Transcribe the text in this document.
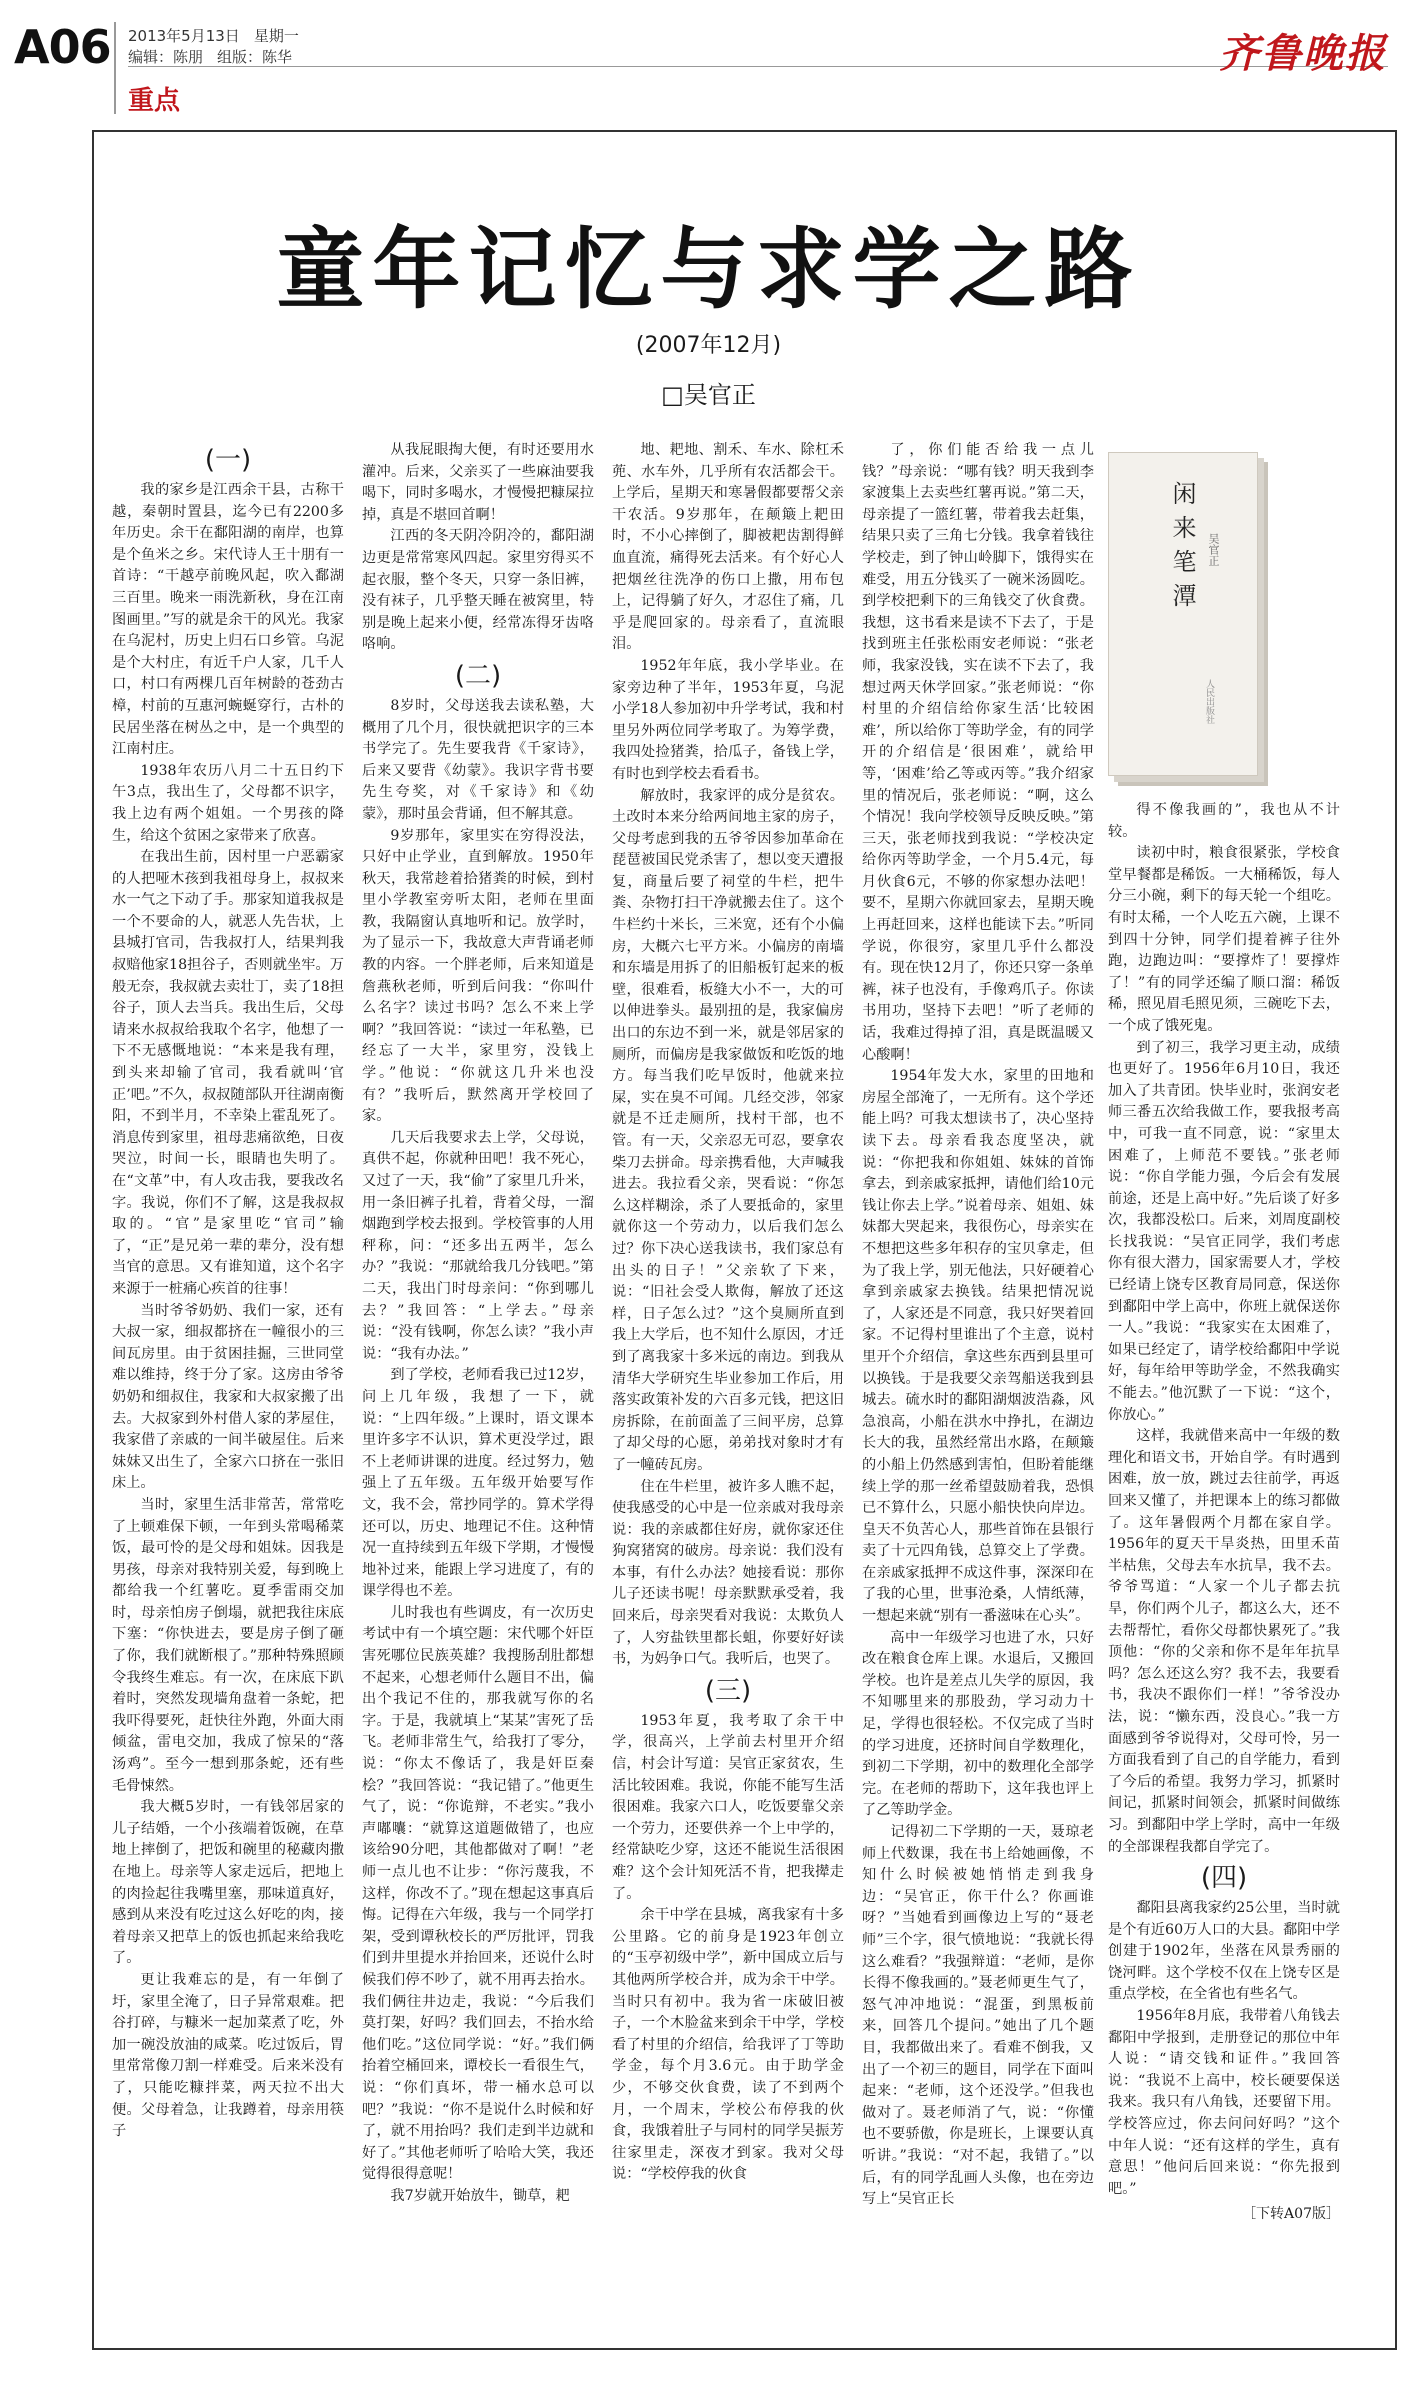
A06 2013年5月13日 星期一
编辑：陈朋 组版：陈华
重点
齐鲁晚报
童年记忆与求学之路
(2007年12月)
□吴官正

(一)

我的家乡是江西余干县，古称干越，秦朝时置县，迄今已有2200多年历史。余干在鄱阳湖的南岸，也算是个鱼米之乡。宋代诗人王十朋有一首诗：“干越亭前晚风起，吹入鄱湖三百里。晚来一雨洗新秋，身在江南图画里。”写的就是余干的风光。我家在乌泥村，历史上归石口乡管。乌泥是个大村庄，有近千户人家，几千人口，村口有两棵几百年树龄的苍劲古樟，村前的互惠河蜿蜒穿行，古朴的民居坐落在树丛之中，是一个典型的江南村庄。

1938年农历八月二十五日约下午3点，我出生了，父母都不识字，我上边有两个姐姐。一个男孩的降生，给这个贫困之家带来了欣喜。

在我出生前，因村里一户恶霸家的人把哑木孩到我祖母身上，叔叔来水一气之下动了手。那家知道我叔是一个不要命的人，就恶人先告状，上县城打官司，告我叔打人，结果判我叔赔他家18担谷子，否则就坐牢。万般无奈，我叔就去卖壮丁，卖了18担谷子，顶人去当兵。我出生后，父母请来水叔叔给我取个名字，他想了一下不无感慨地说：“本来是我有理，到头来却输了官司，我看就叫‘官正’吧。”不久，叔叔随部队开往湖南衡阳，不到半月，不幸染上霍乱死了。消息传到家里，祖母悲痛欲绝，日夜哭泣，时间一长，眼睛也失明了。在“文革”中，有人攻击我，要我改名字。我说，你们不了解，这是我叔叔取的。“官”是家里吃“官司”输了，“正”是兄弟一辈的辈分，没有想当官的意思。又有谁知道，这个名字来源于一桩痛心疾首的往事！

当时爷爷奶奶、我们一家，还有大叔一家，细叔都挤在一幢很小的三间瓦房里。由于贫困挂掘，三世同堂难以维持，终于分了家。这房由爷爷奶奶和细叔住，我家和大叔家搬了出去。大叔家到外村借人家的茅屋住，我家借了亲戚的一间半破屋住。后来妹妹又出生了，全家六口挤在一张旧床上。

当时，家里生活非常苦，常常吃了上顿难保下顿，一年到头常喝稀菜饭，最可怜的是父母和姐妹。因我是男孩，母亲对我特别关爱，每到晚上都给我一个红薯吃。夏季雷雨交加时，母亲怕房子倒塌，就把我往床底下塞：“你快进去，要是房子倒了砸了你，我们就断根了。”那种特殊照顾令我终生难忘。有一次，在床底下趴着时，突然发现墙角盘着一条蛇，把我吓得要死，赶快往外跑，外面大雨倾盆，雷电交加，我成了惊呆的“落汤鸡”。至今一想到那条蛇，还有些毛骨悚然。

我大概5岁时，一有钱邻居家的儿子结婚，一个小孩端着饭碗，在草地上摔倒了，把饭和碗里的秘藏肉撒在地上。母亲等人家走远后，把地上的肉捡起往我嘴里塞，那味道真好，感到从来没有吃过这么好吃的肉，接着母亲又把草上的饭也抓起来给我吃了。

更让我难忘的是，有一年倒了圩，家里全淹了，日子异常艰难。把谷打碎，与糠米一起加菜煮了吃，外加一碗没放油的咸菜。吃过饭后，胃里常常像刀割一样难受。后来米没有了，只能吃糠拌菜，两天拉不出大便。父母着急，让我蹲着，母亲用筷子

从我屁眼掏大便，有时还要用水灌冲。后来，父亲买了一些麻油要我喝下，同时多喝水，才慢慢把糠屎拉掉，真是不堪回首啊！

江西的冬天阴冷阴冷的，鄱阳湖边更是常常寒风四起。家里穷得买不起衣服，整个冬天，只穿一条旧裤，没有袜子，几乎整天睡在被窝里，特别是晚上起来小便，经常冻得牙齿咯咯响。

(二)

8岁时，父母送我去读私塾，大概用了几个月，很快就把识字的三本书学完了。先生要我背《千家诗》，后来又要背《幼蒙》。我识字背书要先生夸奖，对《千家诗》和《幼蒙》，那时虽会背诵，但不解其意。

9岁那年，家里实在穷得没法，只好中止学业，直到解放。1950年秋天，我常趁着拾猪粪的时候，到村里小学教室旁听太阳，老师在里面教，我隔窗认真地听和记。放学时，为了显示一下，我故意大声背诵老师教的内容。一个胖老师，后来知道是詹燕秋老师，听到后问我：“你叫什么名字？读过书吗？怎么不来上学啊？”我回答说：“读过一年私塾，已经忘了一大半，家里穷，没钱上学。”他说：“你就这几升米也没有？”我听后，默然离开学校回了家。

几天后我要求去上学，父母说，真供不起，你就种田吧！我不死心，又过了一天，我“偷”了家里几升米，用一条旧裤子扎着，背着父母，一溜烟跑到学校去报到。学校管事的人用秤称，问：“还多出五两半，怎么办？”我说：“那就给我几分钱吧。”第二天，我出门时母亲问：“你到哪儿去？”我回答：“上学去。”母亲说：“没有钱啊，你怎么读？”我小声说：“我有办法。”

到了学校，老师看我已过12岁，问上几年级，我想了一下，就说：“上四年级。”上课时，语文课本里许多字不认识，算术更没学过，跟不上老师讲课的进度。经过努力，勉强上了五年级。五年级开始要写作文，我不会，常抄同学的。算术学得还可以，历史、地理记不住。这种情况一直持续到五年级下学期，才慢慢地补过来，能跟上学习进度了，有的课学得也不差。

儿时我也有些调皮，有一次历史考试中有一个填空题：宋代哪个奸臣害死哪位民族英雄？我搜肠刮肚都想不起来，心想老师什么题目不出，偏出个我记不住的，那我就写你的名字。于是，我就填上“某某”害死了岳飞。老师非常生气，给我打了零分，说：“你太不像话了，我是奸臣秦桧？”我回答说：“我记错了。”他更生气了，说：“你诡辩，不老实。”我小声嘟囔：“就算这道题做错了，也应该给90分吧，其他都做对了啊！”老师一点儿也不让步：“你污蔑我，不这样，你改不了。”现在想起这事真后悔。记得在六年级，我与一个同学打架，受到谭秋校长的严厉批评，罚我们到井里提水并抬回来，还说什么时候我们停不吵了，就不用再去抬水。我们俩往井边走，我说：“今后我们莫打架，好吗？我们回去，不抬水给他们吃。”这位同学说：“好。”我们俩抬着空桶回来，谭校长一看很生气，说：“你们真坏，带一桶水总可以吧？”我说：“你不是说什么时候和好了，就不用抬吗？我们走到半边就和好了。”其他老师听了哈哈大笑，我还觉得很得意呢！

我7岁就开始放牛，锄草，耙

地、耙地、割禾、车水、除杠禾蔸、水车外，几乎所有农活都会干。上学后，星期天和寒暑假都要帮父亲干农活。9岁那年，在颠簸上耙田时，不小心摔倒了，脚被耙齿割得鲜血直流，痛得死去活来。有个好心人把烟丝往洗净的伤口上撒，用布包上，记得躺了好久，才忍住了痛，几乎是爬回家的。母亲看了，直流眼泪。

1952年年底，我小学毕业。在家旁边种了半年，1953年夏，乌泥小学18人参加初中升学考试，我和村里另外两位同学考取了。为筹学费，我四处捡猪粪，拾瓜子，备钱上学，有时也到学校去看看书。

解放时，我家评的成分是贫农。土改时本来分给两间地主家的房子，父母考虑到我的五爷爷因参加革命在琵琶被国民党杀害了，想以变天遭报复，商量后要了祠堂的牛栏，把牛粪、杂物打扫干净就搬去住了。这个牛栏约十米长，三米宽，还有个小偏房，大概六七平方米。小偏房的南墙和东墙是用拆了的旧船板钉起来的板壁，很难看，板缝大小不一，大的可以伸进拳头。最别扭的是，我家偏房出口的东边不到一米，就是邻居家的厕所，而偏房是我家做饭和吃饭的地方。每当我们吃早饭时，他就来拉屎，实在臭不可闻。几经交涉，邻家就是不迁走厕所，找村干部，也不管。有一天，父亲忍无可忍，要拿农柴刀去拼命。母亲携看他，大声喊我进去。我拉看父亲，哭看说：“你怎么这样糊涂，杀了人要抵命的，家里就你这一个劳动力，以后我们怎么过？你下决心送我读书，我们家总有出头的日子！”父亲软了下来，说：“旧社会受人欺侮，解放了还这样，日子怎么过？”这个臭厕所直到我上大学后，也不知什么原因，才迁到了离我家十多米远的南边。到我从清华大学研究生毕业参加工作后，用落实政策补发的六百多元钱，把这旧房拆除，在前面盖了三间平房，总算了却父母的心愿，弟弟找对象时才有了一幢砖瓦房。

住在牛栏里，被许多人瞧不起，使我感受的心中是一位亲戚对我母亲说：我的亲戚都住好房，就你家还住狗窝猪窝的破房。母亲说：我们没有本事，有什么办法？她接看说：那你儿子还读书呢！母亲默默承受着，我回来后，母亲哭看对我说：太欺负人了，人穷盐铁里都长蛆，你要好好读书，为妈争口气。我听后，也哭了。

(三)

1953年夏，我考取了余干中学，很高兴，上学前去村里开介绍信，村会计写道：吴官正家贫农，生活比较困难。我说，你能不能写生活很困难。我家六口人，吃饭要靠父亲一个劳力，还要供养一个上中学的，经常缺吃少穿，这还不能说生活很困难？这个会计知死活不肯，把我撵走了。

余干中学在县城，离我家有十多公里路。它的前身是1923年创立的“玉亭初级中学”，新中国成立后与其他两所学校合并，成为余干中学。当时只有初中。我为省一床破旧被子，一个木脸盆来到余干中学，学校看了村里的介绍信，给我评了丁等助学金，每个月3.6元。由于助学金少，不够交伙食费，读了不到两个月，一个周末，学校公布停我的伙食，我饿着肚子与同村的同学吴振芳往家里走，深夜才到家。我对父母说：“学校停我的伙食

了，你们能否给我一点儿钱？”母亲说：“哪有钱？明天我到李家渡集上去卖些红薯再说。”第二天，母亲提了一篮红薯，带着我去赶集，结果只卖了三角七分钱。我拿着钱往学校走，到了钟山岭脚下，饿得实在难受，用五分钱买了一碗米汤圆吃。到学校把剩下的三角钱交了伙食费。我想，这书看来是读不下去了，于是找到班主任张松雨安老师说：“张老师，我家没钱，实在读不下去了，我想过两天休学回家。”张老师说：“你村里的介绍信给你家生活‘比较困难’，所以给你丁等助学金，有的同学开的介绍信是‘很困难’，就给甲等，‘困难’给乙等或丙等。”我介绍家里的情况后，张老师说：“啊，这么个情况！我向学校领导反映反映。”第三天，张老师找到我说：“学校决定给你丙等助学金，一个月5.4元，每月伙食6元，不够的你家想办法吧！要不，星期六你就回家去，星期天晚上再赶回来，这样也能读下去。”听同学说，你很穷，家里几乎什么都没有。现在快12月了，你还只穿一条单裤，袜子也没有，手像鸡爪子。你读书用功，坚持下去吧！”听了老师的话，我难过得掉了泪，真是既温暖又心酸啊！

1954年发大水，家里的田地和房屋全部淹了，一无所有。这个学还能上吗？可我太想读书了，决心坚持读下去。母亲看我态度坚决，就说：“你把我和你姐姐、妹妹的首饰拿去，到亲戚家抵押，请他们给10元钱让你去上学。”说着母亲、姐姐、妹妹都大哭起来，我很伤心，母亲实在不想把这些多年积存的宝贝拿走，但为了我上学，别无他法，只好硬着心拿到亲戚家去换钱。结果把情况说了，人家还是不同意，我只好哭着回家。不记得村里谁出了个主意，说村里开个介绍信，拿这些东西到县里可以换钱。于是我要父亲驾船送我到县城去。硫水时的鄱阳湖烟波浩淼，风急浪高，小船在洪水中挣扎，在湖边长大的我，虽然经常出水路，在颠簸的小船上仍然感到害怕，但盼着能继续上学的那一丝希望鼓励着我，恐惧已不算什么，只愿小船快快向岸边。皇天不负苦心人，那些首饰在县银行卖了十元四角钱，总算交上了学费。在亲戚家抵押不成这件事，深深印在了我的心里，世事沧桑，人情纸薄，一想起来就“别有一番滋味在心头”。

高中一年级学习也进了水，只好改在粮食仓库上课。水退后，又搬回学校。也许是差点儿失学的原因，我不知哪里来的那股劲，学习动力十足，学得也很轻松。不仅完成了当时的学习进度，还挤时间自学数理化，到初二下学期，初中的数理化全部学完。在老师的帮助下，这年我也评上了乙等助学金。

记得初二下学期的一天，聂琼老师上代数课，我在书上给她画像，不知什么时候被她悄悄走到我身边：“吴官正，你干什么？你画谁呀？”当她看到画像边上写的“聂老师”三个字，很气愤地说：“我就长得这么难看？”我强辩道：“老师，是你长得不像我画的。”聂老师更生气了，怒气冲冲地说：“混蛋，到黑板前来，回答几个提问。”她出了几个题目，我都做出来了。看难不倒我，又出了一个初三的题目，同学在下面叫起来：“老师，这个还没学。”但我也做对了。聂老师消了气，说：“你懂也不要骄傲，你是班长，上课要认真听讲。”我说：“对不起，我错了。”以后，有的同学乱画人头像，也在旁边写上“吴官正长

闲来笔潭	吴官正
人民出版社

得不像我画的”，我也从不计较。

读初中时，粮食很紧张，学校食堂早餐都是稀饭。一大桶稀饭，每人分三小碗，剩下的每天轮一个组吃。有时太稀，一个人吃五六碗，上课不到四十分钟，同学们提着裤子往外跑，边跑边叫：“要撑炸了！要撑炸了！”有的同学还编了顺口溜：稀饭稀，照见眉毛照见须，三碗吃下去，一个成了饿死鬼。

到了初三，我学习更主动，成绩也更好了。1956年6月10日，我还加入了共青团。快毕业时，张润安老师三番五次给我做工作，要我报考高中，可我一直不同意，说：“家里太困难了，上师范不要钱。”张老师说：“你自学能力强，今后会有发展前途，还是上高中好。”先后谈了好多次，我都没松口。后来，刘周度副校长找我说：“吴官正同学，我们考虑你有很大潜力，国家需要人才，学校已经请上饶专区教育局同意，保送你到鄱阳中学上高中，你班上就保送你一人。”我说：“我家实在太困难了，如果已经定了，请学校给鄱阳中学说好，每年给甲等助学金，不然我确实不能去。”他沉默了一下说：“这个，你放心。”

这样，我就借来高中一年级的数理化和语文书，开始自学。有时遇到困难，放一放，跳过去往前学，再返回来又懂了，并把课本上的练习都做了。这年暑假两个月都在家自学。1956年的夏天干旱炎热，田里禾苗半枯焦，父母去车水抗旱，我不去。爷爷骂道：“人家一个儿子都去抗旱，你们两个儿子，都这么大，还不去帮帮忙，看你父母都快累死了。”我顶他：“你的父亲和你不是年年抗旱吗？怎么还这么穷？我不去，我要看书，我决不跟你们一样！”爷爷没办法，说：“懒东西，没良心。”我一方面感到爷爷说得对，父母可怜，另一方面我看到了自己的自学能力，看到了今后的希望。我努力学习，抓紧时间记，抓紧时间领会，抓紧时间做练习。到鄱阳中学上学时，高中一年级的全部课程我都自学完了。

(四)

鄱阳县离我家约25公里，当时就是个有近60万人口的大县。鄱阳中学创建于1902年，坐落在风景秀丽的饶河畔。这个学校不仅在上饶专区是重点学校，在全省也有些名气。

1956年8月底，我带着八角钱去鄱阳中学报到，走册登记的那位中年人说：“请交钱和证件。”我回答说：“我说不上高中，校长硬要保送我来。我只有八角钱，还要留下用。学校答应过，你去问问好吗？”这个中年人说：“还有这样的学生，真有意思！”他问后回来说：“你先报到吧。”

［下转A07版］
